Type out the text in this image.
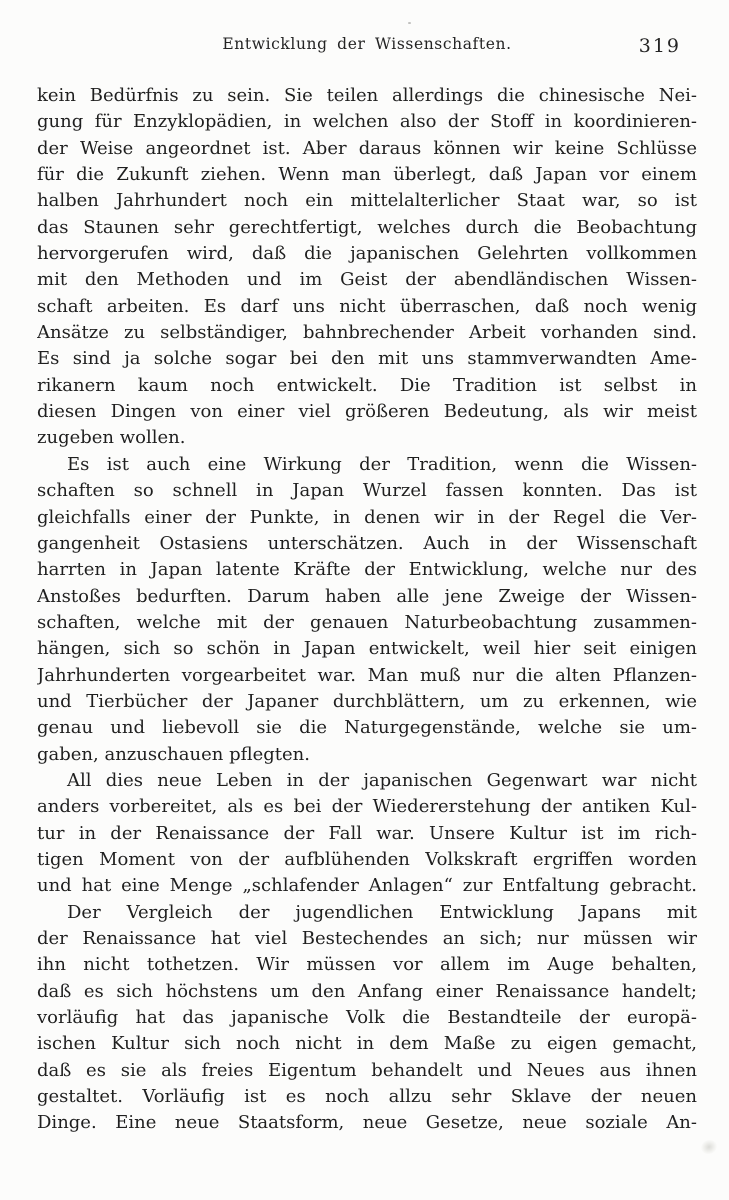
Entwicklung der Wissenschaften.	319
kein Bedürfnis zu sein. Sie teilen allerdings die chinesische Nei-
gung für Enzyklopädien, in welchen also der Stoff in koordinieren-
der Weise angeordnet ist. Aber daraus können wir keine Schlüsse
für die Zukunft ziehen. Wenn man überlegt, daß Japan vor einem
halben Jahrhundert noch ein mittelalterlicher Staat war, so ist
das Staunen sehr gerechtfertigt, welches durch die Beobachtung
hervorgerufen wird, daß die japanischen Gelehrten vollkommen
mit den Methoden und im Geist der abendländischen Wissen-
schaft arbeiten. Es darf uns nicht überraschen, daß noch wenig
Ansätze zu selbständiger, bahnbrechender Arbeit vorhanden sind.
Es sind ja solche sogar bei den mit uns stammverwandten Ame-
rikanern kaum noch entwickelt. Die Tradition ist selbst in
diesen Dingen von einer viel größeren Bedeutung, als wir meist
zugeben wollen.
Es ist auch eine Wirkung der Tradition, wenn die Wissen-
schaften so schnell in Japan Wurzel fassen konnten. Das ist
gleichfalls einer der Punkte, in denen wir in der Regel die Ver-
gangenheit Ostasiens unterschätzen. Auch in der Wissenschaft
harrten in Japan latente Kräfte der Entwicklung, welche nur des
Anstoßes bedurften. Darum haben alle jene Zweige der Wissen-
schaften, welche mit der genauen Naturbeobachtung zusammen-
hängen, sich so schön in Japan entwickelt, weil hier seit einigen
Jahrhunderten vorgearbeitet war. Man muß nur die alten Pflanzen-
und Tierbücher der Japaner durchblättern, um zu erkennen, wie
genau und liebevoll sie die Naturgegenstände, welche sie um-
gaben, anzuschauen pflegten.
All dies neue Leben in der japanischen Gegenwart war nicht
anders vorbereitet, als es bei der Wiedererstehung der antiken Kul-
tur in der Renaissance der Fall war. Unsere Kultur ist im rich-
tigen Moment von der aufblühenden Volkskraft ergriffen worden
und hat eine Menge „schlafender Anlagen“ zur Entfaltung gebracht.
Der Vergleich der jugendlichen Entwicklung Japans mit
der Renaissance hat viel Bestechendes an sich; nur müssen wir
ihn nicht tothetzen. Wir müssen vor allem im Auge behalten,
daß es sich höchstens um den Anfang einer Renaissance handelt;
vorläufig hat das japanische Volk die Bestandteile der europä-
ischen Kultur sich noch nicht in dem Maße zu eigen gemacht,
daß es sie als freies Eigentum behandelt und Neues aus ihnen
gestaltet. Vorläufig ist es noch allzu sehr Sklave der neuen
Dinge. Eine neue Staatsform, neue Gesetze, neue soziale An-
